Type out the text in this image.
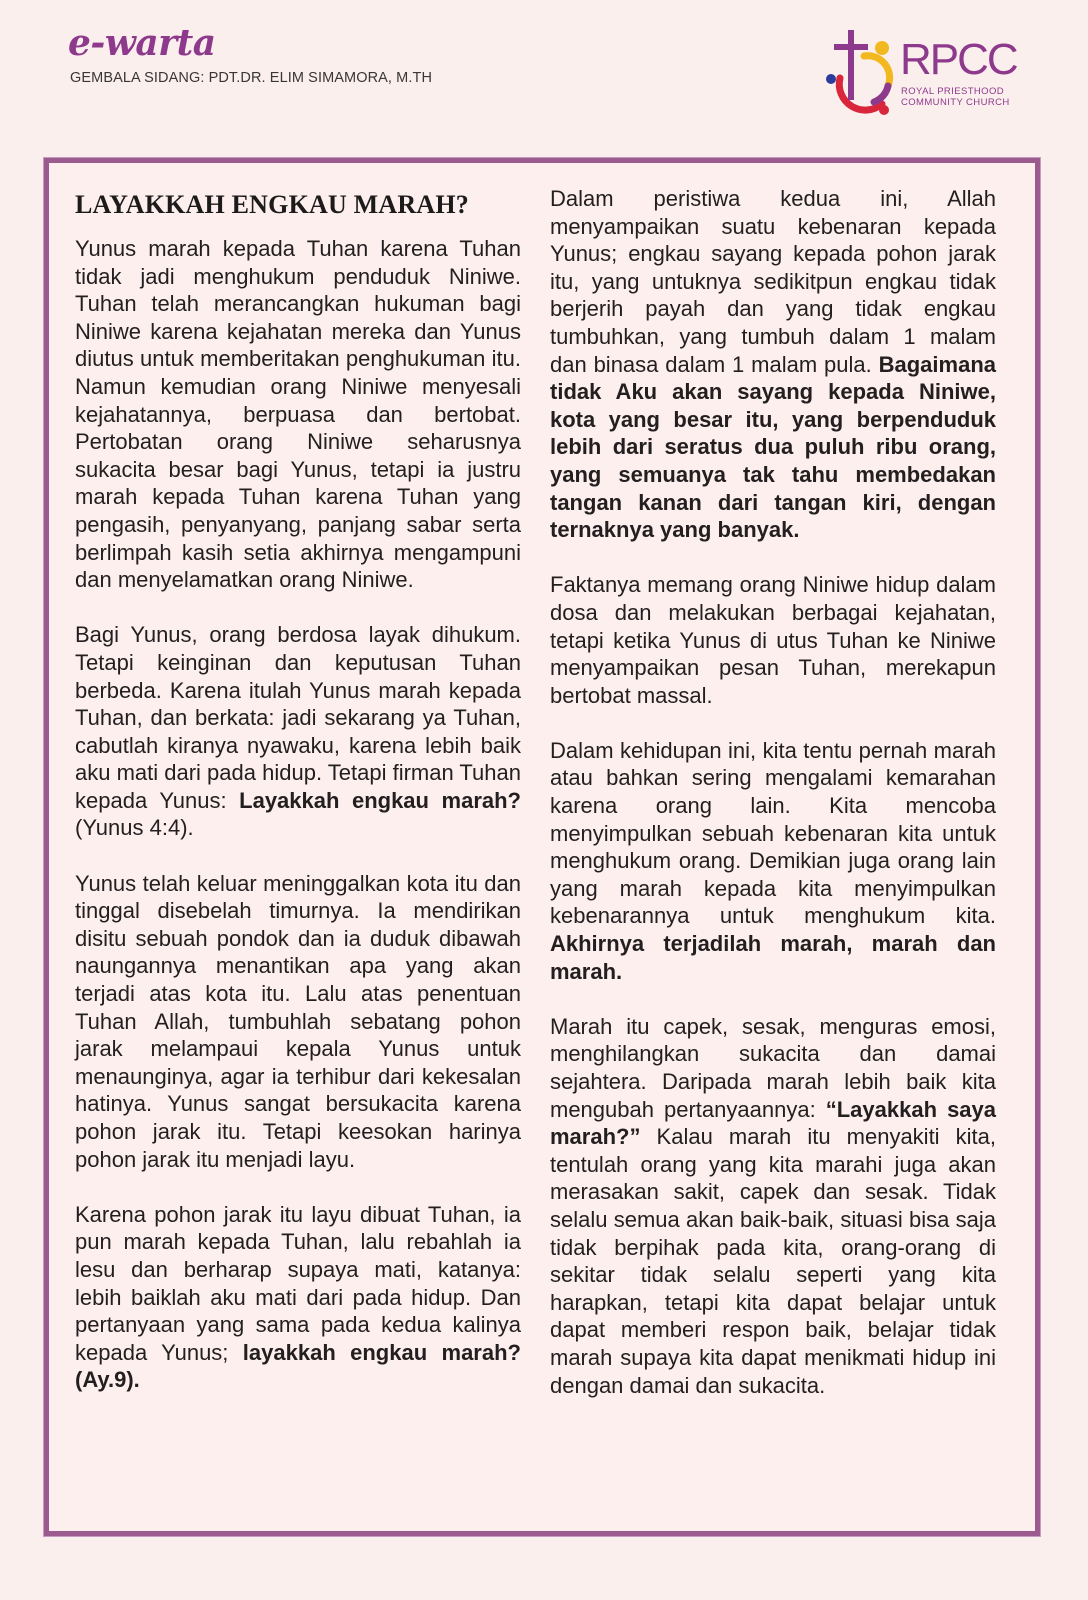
e-warta
GEMBALA SIDANG: PDT.DR. ELIM SIMAMORA, M.TH	RPCC
ROYAL PRIESTHOOD
COMMUNITY CHURCH
LAYAKKAH ENGKAU MARAH?

Yunus marah kepada Tuhan karena Tuhan tidak jadi menghukum penduduk Niniwe. Tuhan telah merancangkan hukuman bagi Niniwe karena kejahatan mereka dan Yunus diutus untuk memberitakan penghukuman itu. Namun kemudian orang Niniwe menyesali kejahatannya, berpuasa dan bertobat. Pertobatan orang Niniwe seharusnya sukacita besar bagi Yunus, tetapi ia justru marah kepada Tuhan karena Tuhan yang pengasih, penyanyang, panjang sabar serta berlimpah kasih setia akhirnya mengampuni dan menyelamatkan orang Niniwe.

Bagi Yunus, orang berdosa layak dihukum. Tetapi keinginan dan keputusan Tuhan berbeda. Karena itulah Yunus marah kepada Tuhan, dan berkata: jadi sekarang ya Tuhan, cabutlah kiranya nyawaku, karena lebih baik aku mati dari pada hidup. Tetapi firman Tuhan kepada Yunus: Layakkah engkau marah? (Yunus 4:4).

Yunus telah keluar meninggalkan kota itu dan tinggal disebelah timurnya. Ia mendirikan disitu sebuah pondok dan ia duduk dibawah naungannya menantikan apa yang akan terjadi atas kota itu. Lalu atas penentuan Tuhan Allah, tumbuhlah sebatang pohon jarak melampaui kepala Yunus untuk menaunginya, agar ia terhibur dari kekesalan hatinya. Yunus sangat bersukacita karena pohon jarak itu. Tetapi keesokan harinya pohon jarak itu menjadi layu.

Karena pohon jarak itu layu dibuat Tuhan, ia pun marah kepada Tuhan, lalu rebahlah ia lesu dan berharap supaya mati, katanya: lebih baiklah aku mati dari pada hidup. Dan pertanyaan yang sama pada kedua kalinya kepada Yunus; layakkah engkau marah? (Ay.9).

Dalam peristiwa kedua ini, Allah menyampaikan suatu kebenaran kepada Yunus; engkau sayang kepada pohon jarak itu, yang untuknya sedikitpun engkau tidak berjerih payah dan yang tidak engkau tumbuhkan, yang tumbuh dalam 1 malam dan binasa dalam 1 malam pula. Bagaimana tidak Aku akan sayang kepada Niniwe, kota yang besar itu, yang berpenduduk lebih dari seratus dua puluh ribu orang, yang semuanya tak tahu membedakan tangan kanan dari tangan kiri, dengan ternaknya yang banyak.

Faktanya memang orang Niniwe hidup dalam dosa dan melakukan berbagai kejahatan, tetapi ketika Yunus di utus Tuhan ke Niniwe menyampaikan pesan Tuhan, merekapun bertobat massal.

Dalam kehidupan ini, kita tentu pernah marah atau bahkan sering mengalami kemarahan karena orang lain. Kita mencoba menyimpulkan sebuah kebenaran kita untuk menghukum orang. Demikian juga orang lain yang marah kepada kita menyimpulkan kebenarannya untuk menghukum kita. Akhirnya terjadilah marah, marah dan marah.

Marah itu capek, sesak, menguras emosi, menghilangkan sukacita dan damai sejahtera. Daripada marah lebih baik kita mengubah pertanyaannya: “Layakkah saya marah?” Kalau marah itu menyakiti kita, tentulah orang yang kita marahi juga akan merasakan sakit, capek dan sesak. Tidak selalu semua akan baik-baik, situasi bisa saja tidak berpihak pada kita, orang-orang di sekitar tidak selalu seperti yang kita harapkan, tetapi kita dapat belajar untuk dapat memberi respon baik, belajar tidak marah supaya kita dapat menikmati hidup ini dengan damai dan sukacita.
